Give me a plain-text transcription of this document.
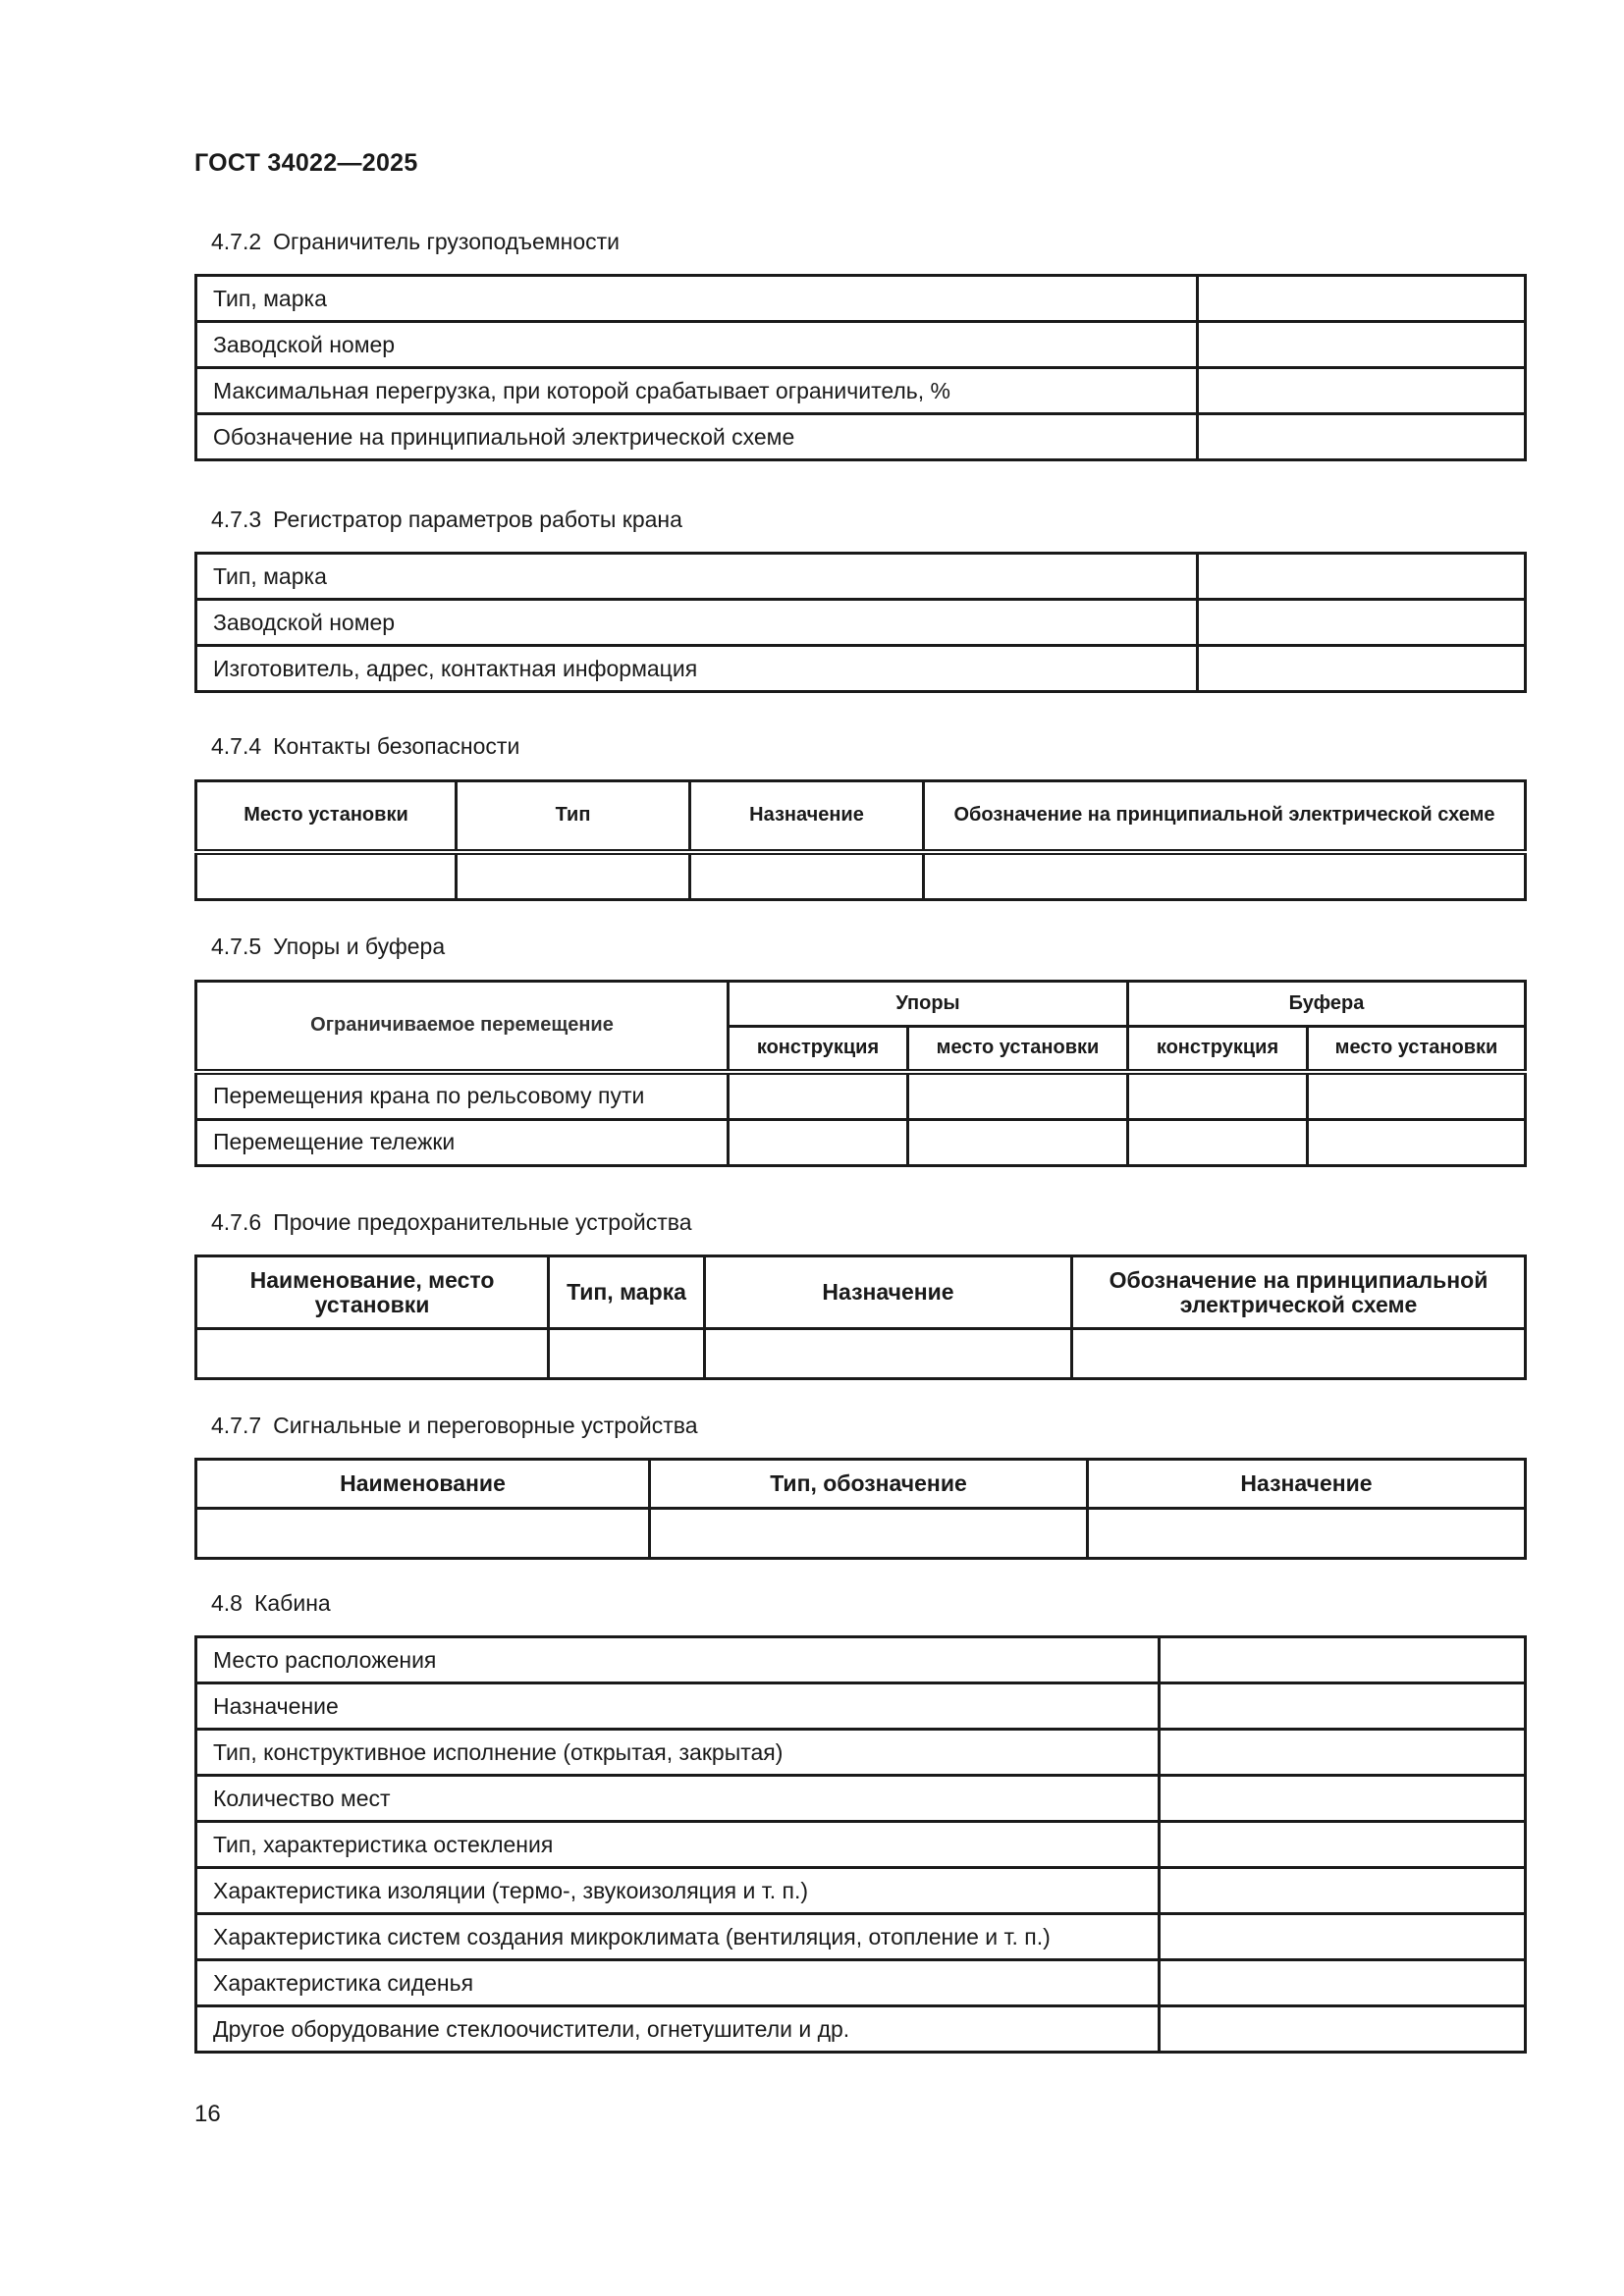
ГОСТ 34022—2025
4.7.2 Ограничитель грузоподъемности
Тип, марка	
Заводской номер	
Максимальная перегрузка, при которой срабатывает ограничитель, %	
Обозначение на принципиальной электрической схеме	
4.7.3 Регистратор параметров работы крана
Тип, марка	
Заводской номер	
Изготовитель, адрес, контактная информация	
4.7.4 Контакты безопасности
Место установки	Тип	Назначение	Обозначение на принципиальной электрической схеме

4.7.5 Упоры и буфера
Ограничиваемое перемещение	Упоры		Буфера	
	конструкция	место установки	конструкция	место установки
Перемещения крана по рельсовому пути				
Перемещение тележки				
4.7.6 Прочие предохранительные устройства
Наименование, место установки	Тип, марка	Назначение	Обозначение на принципиальной электрической схеме

4.7.7 Сигнальные и переговорные устройства
Наименование	Тип, обозначение	Назначение

4.8 Кабина
Место расположения	
Назначение	
Тип, конструктивное исполнение (открытая, закрытая)	
Количество мест	
Тип, характеристика остекления	
Характеристика изоляции (термо-, звукоизоляция и т. п.)	
Характеристика систем создания микроклимата (вентиляция, отопление и т. п.)	
Характеристика сиденья	
Другое оборудование стеклоочистители, огнетушители и др.	
16
